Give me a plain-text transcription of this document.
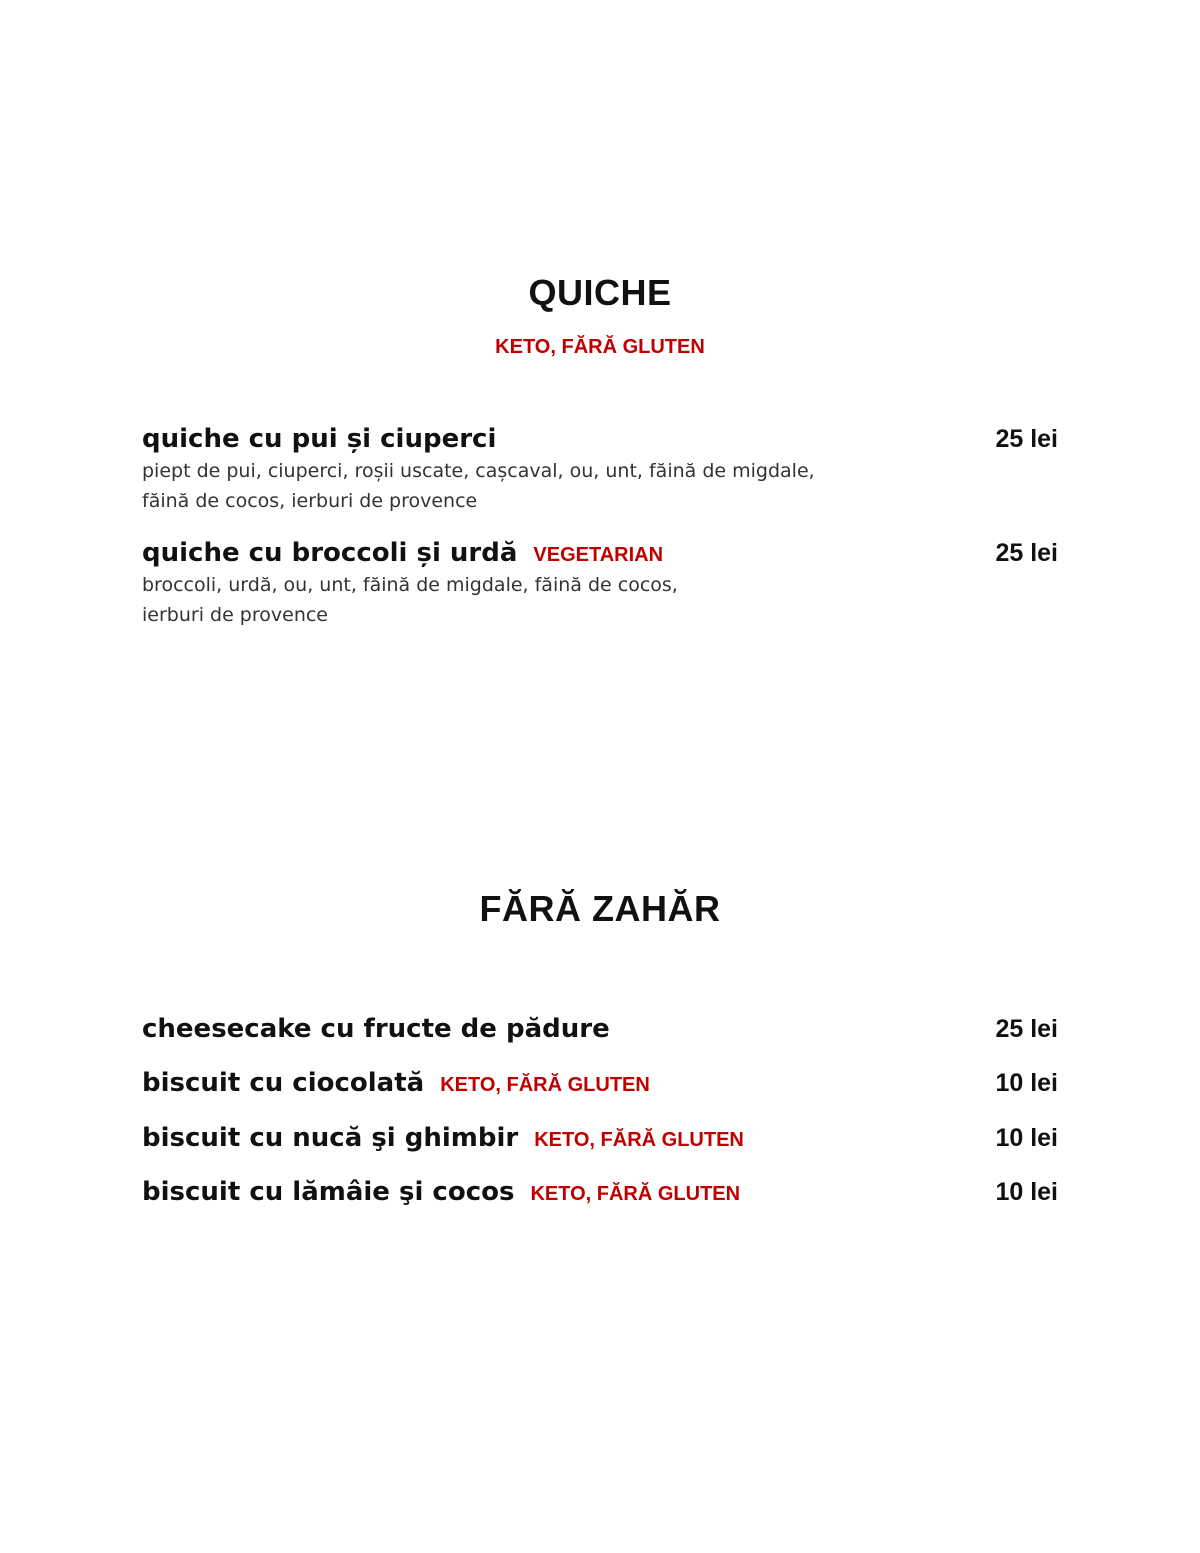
QUICHE
KETO, FĂRĂ GLUTEN
quiche cu pui și ciuperci	25 lei
piept de pui, ciuperci, roșii uscate, cașcaval, ou, unt, făină de migdale,
făină de cocos, ierburi de provence
quiche cu broccoli și urdă VEGETARIAN	25 lei
broccoli, urdă, ou, unt, făină de migdale, făină de cocos,
ierburi de provence
FĂRĂ ZAHĂR
cheesecake cu fructe de pădure	25 lei
biscuit cu ciocolată KETO, FĂRĂ GLUTEN	10 lei
biscuit cu nucă şi ghimbir KETO, FĂRĂ GLUTEN	10 lei
biscuit cu lămâie şi cocos KETO, FĂRĂ GLUTEN	10 lei
